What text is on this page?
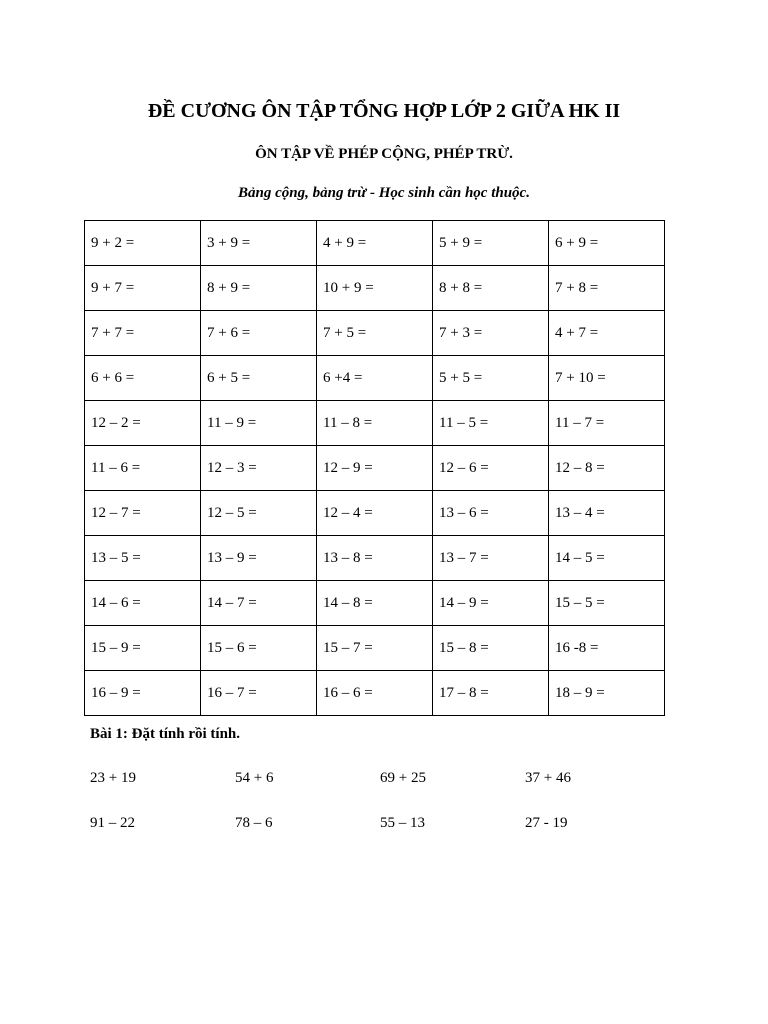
ĐỀ CƯƠNG ÔN TẬP TỔNG HỢP LỚP 2 GIỮA HK II
ÔN TẬP VỀ PHÉP CỘNG, PHÉP TRỪ.
Bảng cộng, bảng trừ - Học sinh cần học thuộc.
9 + 2 =	3 + 9 =	4 + 9 =	5 + 9 =	6 + 9 =
9 + 7 =	8 + 9 =	10 + 9 =	8 + 8 =	7 + 8 =
7 + 7 =	7 + 6 =	7 + 5 =	7 + 3 =	4 + 7 =
6 + 6 =	6 + 5 =	6 +4 =	5 + 5 =	7 + 10 =
12 – 2 =	11 – 9 =	11 – 8 =	11 – 5 =	11 – 7 =
11 – 6 =	12 – 3 =	12 – 9 =	12 – 6 =	12 – 8 =
12 – 7 =	12 – 5 =	12 – 4 =	13 – 6 =	13 – 4 =
13 – 5 =	13 – 9 =	13 – 8 =	13 – 7 =	14 – 5 =
14 – 6 =	14 – 7 =	14 – 8 =	14 – 9 =	15 – 5 =
15 – 9 =	15 – 6 =	15 – 7 =	15 – 8 =	16 -8 =
16 – 9 =	16 – 7 =	16 – 6 =	17 – 8 =	18 – 9 =
Bài 1: Đặt tính rồi tính.
23 + 19	54 + 6	69 + 25	37 + 46
91 – 22	78 – 6	55 – 13	27 - 19
